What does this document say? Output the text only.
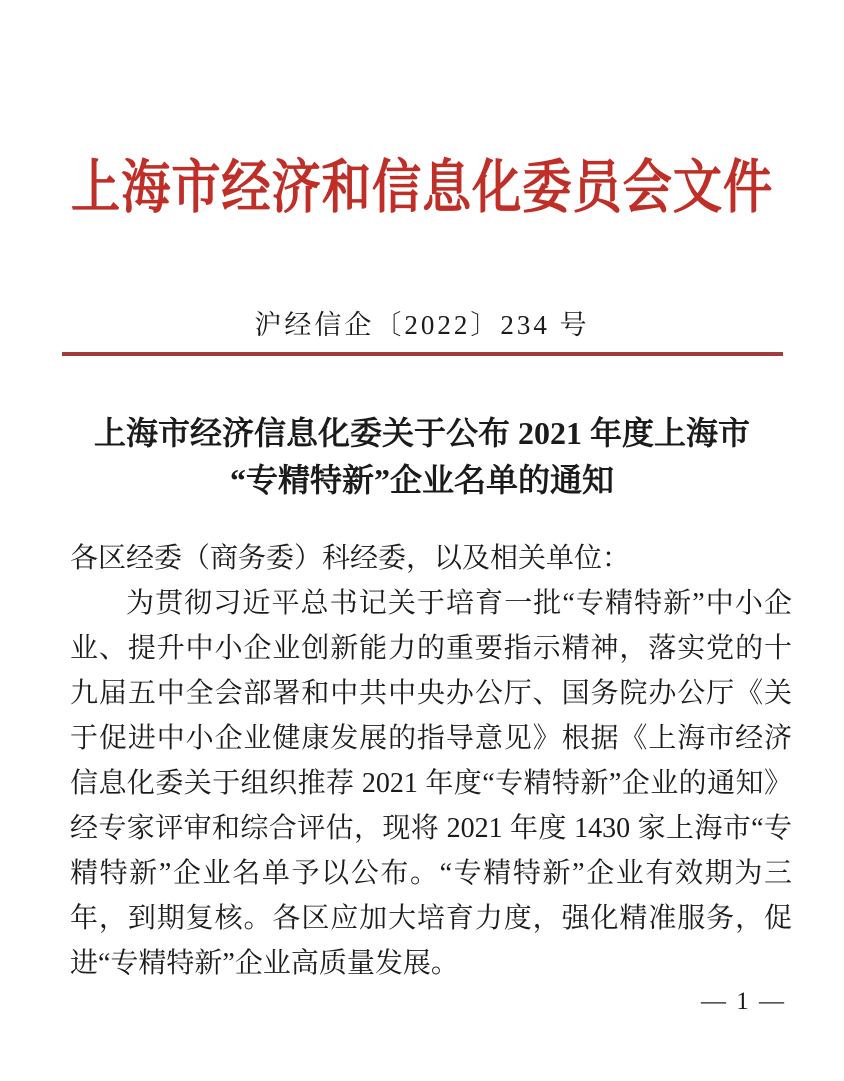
上海市经济和信息化委员会文件
沪经信企〔2022〕234 号
上海市经济信息化委关于公布 2021 年度上海市
“专精特新”企业名单的通知

各区经委（商务委）科经委，以及相关单位：

为贯彻习近平总书记关于培育一批“专精特新”中小企业、提升中小企业创新能力的重要指示精神，落实党的十九届五中全会部署和中共中央办公厅、国务院办公厅《关于促进中小企业健康发展的指导意见》根据《上海市经济信息化委关于组织推荐 2021 年度“专精特新”企业的通知》经专家评审和综合评估，现将 2021 年度 1430 家上海市“专精特新”企业名单予以公布。“专精特新”企业有效期为三年，到期复核。各区应加大培育力度，强化精准服务，促进“专精特新”企业高质量发展。

— 1 —
